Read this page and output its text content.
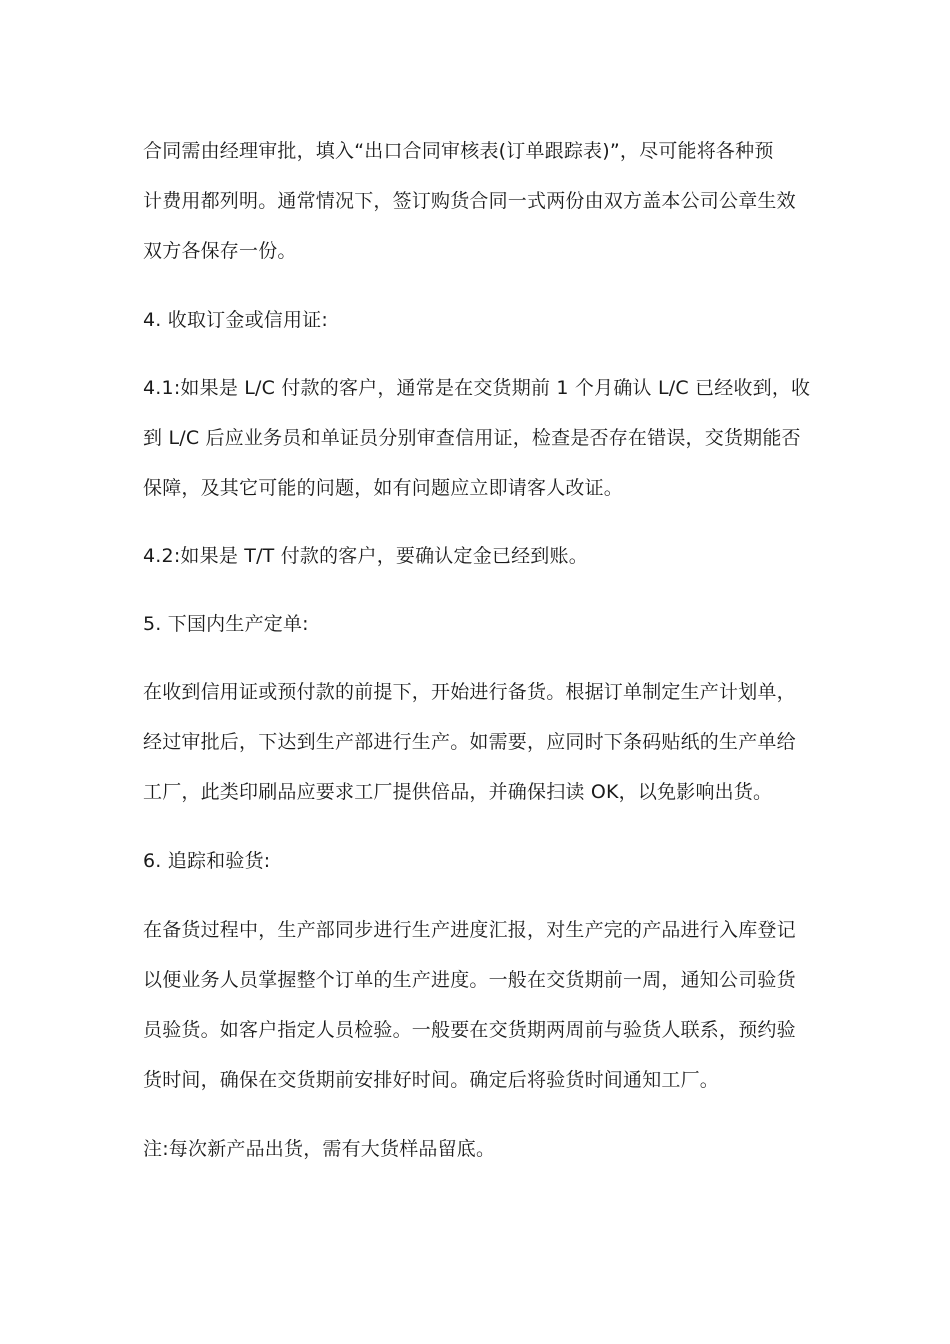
合同需由经理审批，填入“出口合同审核表(订单跟踪表)”，尽可能将各种预
计费用都列明。通常情况下，签订购货合同一式两份由双方盖本公司公章生效
双方各保存一份。

4. 收取订金或信用证:

4.1:如果是 L/C 付款的客户，通常是在交货期前 1 个月确认 L/C 已经收到，收
到 L/C 后应业务员和单证员分别审查信用证，检查是否存在错误，交货期能否
保障，及其它可能的问题，如有问题应立即请客人改证。

4.2:如果是 T/T 付款的客户，要确认定金已经到账。

5. 下国内生产定单:

在收到信用证或预付款的前提下，开始进行备货。根据订单制定生产计划单，
经过审批后，下达到生产部进行生产。如需要，应同时下条码贴纸的生产单给
工厂，此类印刷品应要求工厂提供倍品，并确保扫读 OK，以免影响出货。

6. 追踪和验货:

在备货过程中，生产部同步进行生产进度汇报，对生产完的产品进行入库登记
以便业务人员掌握整个订单的生产进度。一般在交货期前一周，通知公司验货
员验货。如客户指定人员检验。一般要在交货期两周前与验货人联系，预约验
货时间，确保在交货期前安排好时间。确定后将验货时间通知工厂。

注:每次新产品出货，需有大货样品留底。
